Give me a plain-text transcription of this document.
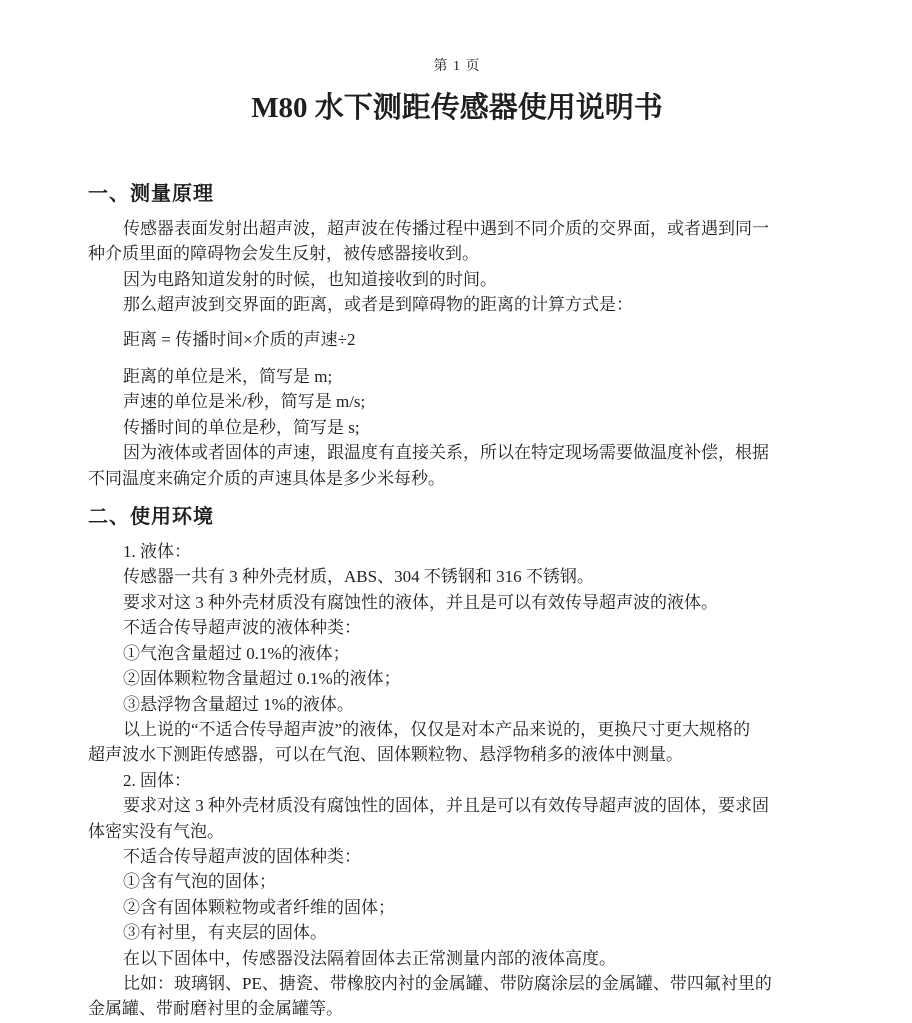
第 1 页
M80 水下测距传感器使用说明书
一、测量原理

传感器表面发射出超声波，超声波在传播过程中遇到不同介质的交界面，或者遇到同一

种介质里面的障碍物会发生反射，被传感器接收到。

因为电路知道发射的时候，也知道接收到的时间。

那么超声波到交界面的距离，或者是到障碍物的距离的计算方式是：

距离 = 传播时间×介质的声速÷2

距离的单位是米，简写是 m;

声速的单位是米/秒，简写是 m/s;

传播时间的单位是秒，简写是 s;

因为液体或者固体的声速，跟温度有直接关系，所以在特定现场需要做温度补偿，根据

不同温度来确定介质的声速具体是多少米每秒。

二、使用环境

1. 液体：

传感器一共有 3 种外壳材质，ABS、304 不锈钢和 316 不锈钢。

要求对这 3 种外壳材质没有腐蚀性的液体，并且是可以有效传导超声波的液体。

不适合传导超声波的液体种类：

①气泡含量超过 0.1%的液体；

②固体颗粒物含量超过 0.1%的液体；

③悬浮物含量超过 1%的液体。

以上说的“不适合传导超声波”的液体，仅仅是对本产品来说的，更换尺寸更大规格的

超声波水下测距传感器，可以在气泡、固体颗粒物、悬浮物稍多的液体中测量。

2. 固体：

要求对这 3 种外壳材质没有腐蚀性的固体，并且是可以有效传导超声波的固体，要求固

体密实没有气泡。

不适合传导超声波的固体种类：

①含有气泡的固体；

②含有固体颗粒物或者纤维的固体；

③有衬里，有夹层的固体。

在以下固体中，传感器没法隔着固体去正常测量内部的液体高度。

比如：玻璃钢、PE、搪瓷、带橡胶内衬的金属罐、带防腐涂层的金属罐、带四氟衬里的

金属罐、带耐磨衬里的金属罐等。
